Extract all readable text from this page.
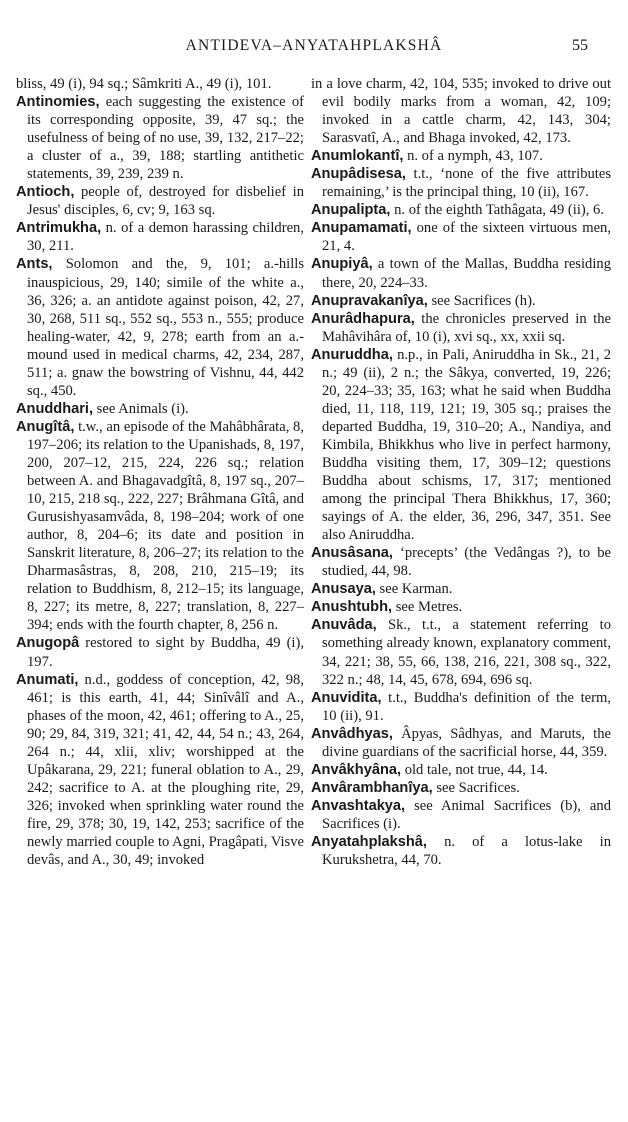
ANTIDEVA–ANYATAHPLAKSHÂ	55

bliss, 49 (i), 94 sq.; Sâmkriti A., 49 (i), 101.

Antinomies, each suggesting the existence of its corresponding opposite, 39, 47 sq.; the usefulness of being of no use, 39, 132, 217–22; a cluster of a., 39, 188; startling antithetic statements, 39, 239, 239 n.

Antioch, people of, destroyed for disbelief in Jesus' disciples, 6, cv; 9, 163 sq.

Antrimukha, n. of a demon harassing children, 30, 211.

Ants, Solomon and the, 9, 101; a.-hills inauspicious, 29, 140; simile of the white a., 36, 326; a. an antidote against poison, 42, 27, 30, 268, 511 sq., 552 sq., 553 n., 555; produce healing-water, 42, 9, 278; earth from an a.-mound used in medical charms, 42, 234, 287, 511; a. gnaw the bowstring of Vishnu, 44, 442 sq., 450.

Anuddhari, see Animals (i).

Anugîtâ, t.w., an episode of the Mahâbhârata, 8, 197–206; its relation to the Upanishads, 8, 197, 200, 207–12, 215, 224, 226 sq.; relation between A. and Bhagavadgîtâ, 8, 197 sq., 207–10, 215, 218 sq., 222, 227; Brâhmana Gîtâ, and Gurusishyasamvâda, 8, 198–204; work of one author, 8, 204–6; its date and position in Sanskrit literature, 8, 206–27; its relation to the Dharmasâstras, 8, 208, 210, 215–19; its relation to Buddhism, 8, 212–15; its language, 8, 227; its metre, 8, 227; translation, 8, 227–394; ends with the fourth chapter, 8, 256 n.

Anugopâ restored to sight by Buddha, 49 (i), 197.

Anumati, n.d., goddess of conception, 42, 98, 461; is this earth, 41, 44; Sinîvâlî and A., phases of the moon, 42, 461; offering to A., 25, 90; 29, 84, 319, 321; 41, 42, 44, 54 n.; 43, 264, 264 n.; 44, xlii, xliv; worshipped at the Upâkarana, 29, 221; funeral oblation to A., 29, 242; sacrifice to A. at the ploughing rite, 29, 326; invoked when sprinkling water round the fire, 29, 378; 30, 19, 142, 253; sacrifice of the newly married couple to Agni, Pragâpati, Visve devâs, and A., 30, 49; invoked

in a love charm, 42, 104, 535; invoked to drive out evil bodily marks from a woman, 42, 109; invoked in a cattle charm, 42, 143, 304; Sarasvatî, A., and Bhaga invoked, 42, 173.

Anumlokantî, n. of a nymph, 43, 107.

Anupâdisesa, t.t., ‘none of the five attributes remaining,’ is the principal thing, 10 (ii), 167.

Anupalipta, n. of the eighth Tathâgata, 49 (ii), 6.

Anupamamati, one of the sixteen virtuous men, 21, 4.

Anupiyâ, a town of the Mallas, Buddha residing there, 20, 224–33.

Anupravakanîya, see Sacrifices (h).

Anurâdhapura, the chronicles preserved in the Mahâvihâra of, 10 (i), xvi sq., xx, xxii sq.

Anuruddha, n.p., in Pali, Aniruddha in Sk., 21, 2 n.; 49 (ii), 2 n.; the Sâkya, converted, 19, 226; 20, 224–33; 35, 163; what he said when Buddha died, 11, 118, 119, 121; 19, 305 sq.; praises the departed Buddha, 19, 310–20; A., Nandiya, and Kimbila, Bhikkhus who live in perfect harmony, Buddha visiting them, 17, 309–12; questions Buddha about schisms, 17, 317; mentioned among the principal Thera Bhikkhus, 17, 360; sayings of A. the elder, 36, 296, 347, 351. See also Aniruddha.

Anusâsana, ‘precepts’ (the Vedângas ?), to be studied, 44, 98.

Anusaya, see Karman.

Anushtubh, see Metres.

Anuvâda, Sk., t.t., a statement referring to something already known, explanatory comment, 34, 221; 38, 55, 66, 138, 216, 221, 308 sq., 322, 322 n.; 48, 14, 45, 678, 694, 696 sq.

Anuvidita, t.t., Buddha's definition of the term, 10 (ii), 91.

Anvâdhyas, Âpyas, Sâdhyas, and Maruts, the divine guardians of the sacrificial horse, 44, 359.

Anvâkhyâna, old tale, not true, 44, 14.

Anvârambhanîya, see Sacrifices.

Anvashtakya, see Animal Sacrifices (b), and Sacrifices (i).

Anyatahplakshâ, n. of a lotus-lake in Kurukshetra, 44, 70.
